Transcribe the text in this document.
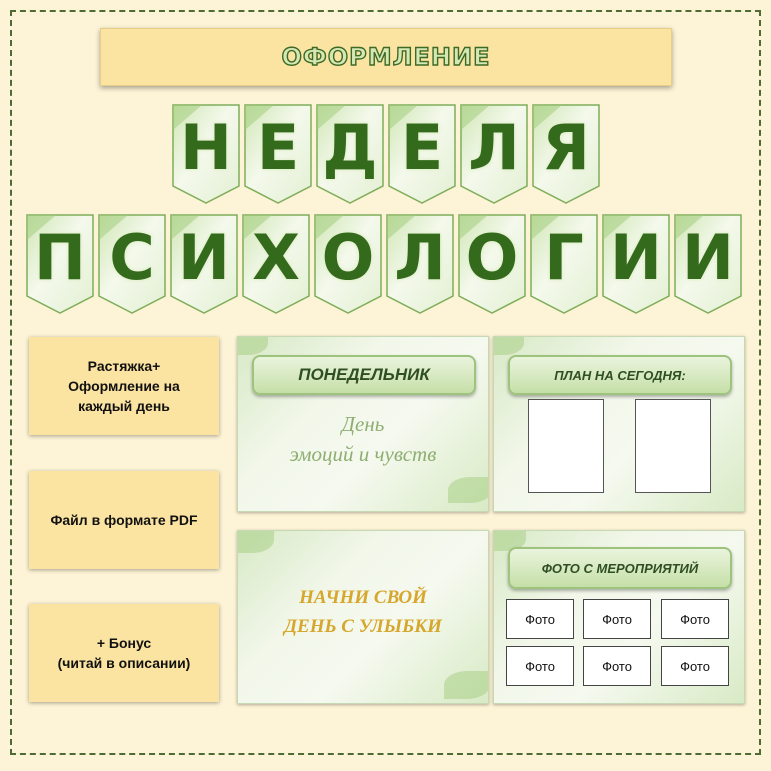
ОФОРМЛЕНИЕ
Н Е Д Е Л Я
П С И Х О Л О Г И И
Растяжка+
Оформление на
каждый день
Файл в формате PDF
+ Бонус
(читай в описании)
ПОНЕДЕЛЬНИК
День
эмоций и чувств
ПЛАН НА СЕГОДНЯ:
НАЧНИ СВОЙ
ДЕНЬ С УЛЫБКИ
ФОТО С МЕРОПРИЯТИЙ
Фото	Фото	Фото
Фото	Фото	Фото
